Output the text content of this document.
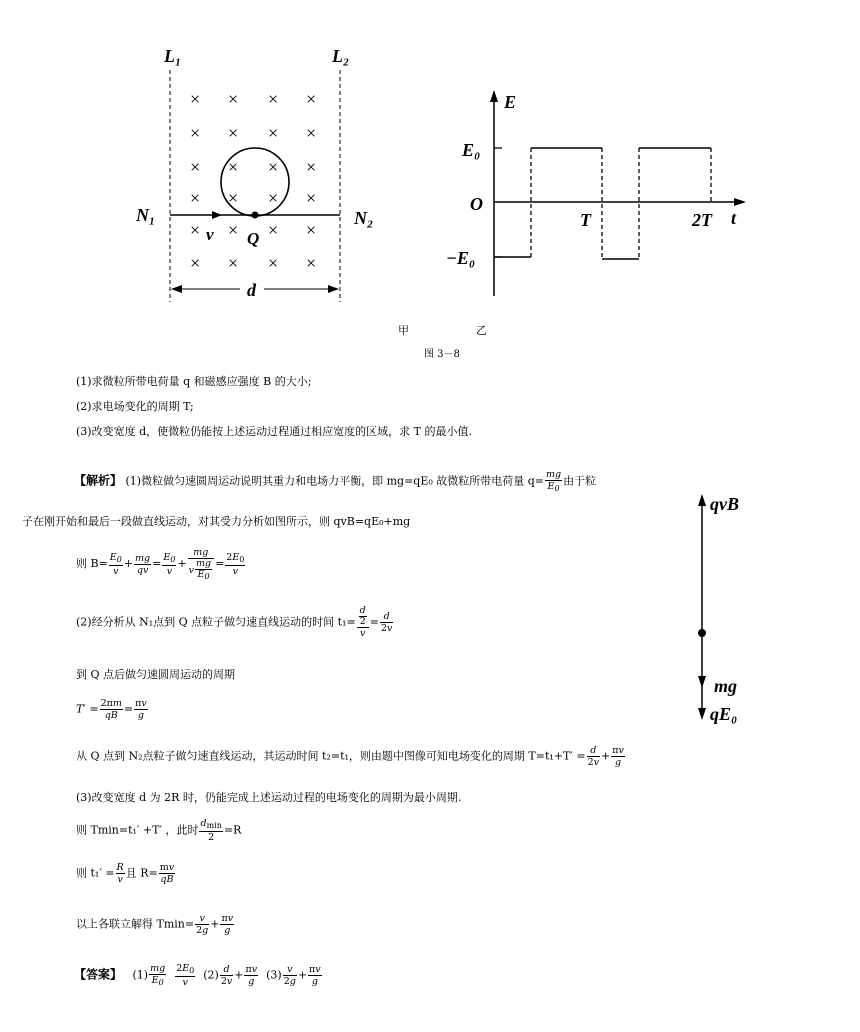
L₁	L₂
× × × ×
× × × ×
× × × ×
× × × ×
× × × ×
× × × ×
N₁	N₂
v Q
d
E
E₀
O
−E₀
T	2T t
甲	乙
图 3－8
(1)求微粒所带电荷量 q 和磁感应强度 B 的大小;
(2)求电场变化的周期 T;
(3)改变宽度 d，使微粒仍能按上述运动过程通过相应宽度的区域，求 T 的最小值.
【解析】 (1)微粒做匀速圆周运动说明其重力和电场力平衡，即 mg=qE₀ 故微粒所带电荷量 $q= \frac{mg}{E_0}$ 由于粒
子在刚开始和最后一段做直线运动，对其受力分析如图所示，则 qvB=qE₀+mg
则 $B= \frac{E_0}{v} + \frac{mg}{qv} = \frac{E_0}{v} + \frac{mg}{v \frac{mg}{E_0}} = \frac{2E_0}{v}$
(2)经分析从 N₁点到 Q 点粒子做匀速直线运动的时间 $t_1= \frac{\frac{d}{2}}{v} = \frac{d}{2v}$
到 Q 点后做匀速圆周运动的周期
$T' = \frac{2\pi m}{qB} = \frac{\pi v}{g}$
从 Q 点到 N₂点粒子做匀速直线运动，其运动时间 t₂=t₁，则由题中图像可知电场变化的周期 $T=t_1+T' = \frac{d}{2v} + \frac{\pi v}{g}$
(3)改变宽度 d 为 2R 时，仍能完成上述运动过程的电场变化的周期为最小周期.
则 Tmin=t₁′ +T′ ，此时 $\frac{d_{min}}{2} =R$
则 $t_1' = \frac{R}{v}$ 且 $R= \frac{mv}{qB}$
以上各联立解得 $Tmin= \frac{v}{2g} + \frac{\pi v}{g}$
【答案】   $(1) \frac{mg}{E_0}$
$\frac{2E_0}{v} (2) \frac{d}{2v} + \frac{\pi v}{g} (3) \frac{v}{2g} + \frac{\pi v}{g}$
qvB
mg
qE₀
